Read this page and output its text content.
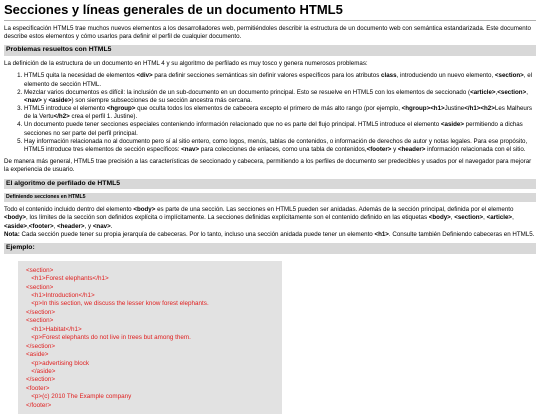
Secciones y líneas generales de un documento HTML5

La especificación HTML5 trae muchos nuevos elementos a los desarrolladores web, permitiéndoles describir la estructura de un documento web con semántica estandarizada. Este documento describe estos elementos y cómo usarlos para definir el perfil de cualquier documento.

Problemas resueltos con HTML5

La definición de la estructura de un documento en HTML 4 y su algoritmo de perfilado es muy tosco y genera numerosos problemas:

1. HTML5 quita la necesidad de elementos <div> para definir secciones semánticas sin definir valores específicos para los atributos class, introduciendo un nuevo elemento, <section>, el elemento de sección HTML.
2. Mezclar varios documentos es difícil: la inclusión de un sub-documento en un documento principal. Esto se resuelve en HTML5 con los elementos de seccionado (<article>,<section>,<nav> y <aside>) son siempre subsecciones de su sección ancestra más cercana.
3. HTML5 introduce el elemento <hgroup> que oculta todos los elementos de cabecera excepto el primero de más alto rango (por ejemplo, <hgroup><h1>Justine</h1><h2>Les Malheurs de la Vertu</h2> crea el perfil 1. Justine).
4. Un documento puede tener secciones especiales conteniendo información relacionado que no es parte del flujo principal. HTML5 introduce el elemento <aside> permitiendo a dichas secciones no ser parte del perfil principal.
5. Hay información relacionada no al documento pero sí al sitio entero, como logos, menús, tablas de contenidos, o información de derechos de autor y notas legales. Para ese propósito, HTML5 introduce tres elementos de sección específicos: <nav> para colecciones de enlaces, como una tabla de contenidos,<footer> y <header> información relacionada con el sitio.

De manera más general, HTML5 trae precisión a las características de seccionado y cabecera, permitiendo a los perfiles de documento ser predecibles y usados por el navegador para mejorar la experiencia de usuario.

El algoritmo de perfilado de HTML5
Definiendo secciones en HTML5

Todo el contenido incluido dentro del elemento <body> es parte de una sección. Las secciones en HTML5 pueden ser anidadas. Además de la sección principal, definida por el elemento <body>, los límites de la sección son definidos explícita o implícitamente. La secciones definidas explícitamente son el contenido definido en las etiquetas <body>, <section>, <article>, <aside>,<footer>, <header>, y <nav>.
Nota: Cada sección puede tener su propia jerarquía de cabeceras. Por lo tanto, incluso una sección anidada puede tener un elemento <h1>. Consulte también Definiendo cabeceras en HTML5.

Ejemplo:
<section>
<h1>Forest elephants</h1>
<section>
<h1>Introduction</h1>
<p>In this section, we discuss the lesser know forest elephants.
</section>
<section>
<h1>Habitat</h1>
<p>Forest elephants do not live in trees but among them.
</section>
<aside>
<p>advertising block
</aside>
</section>
<footer>
<p>(c) 2010 The Example company
</footer>
